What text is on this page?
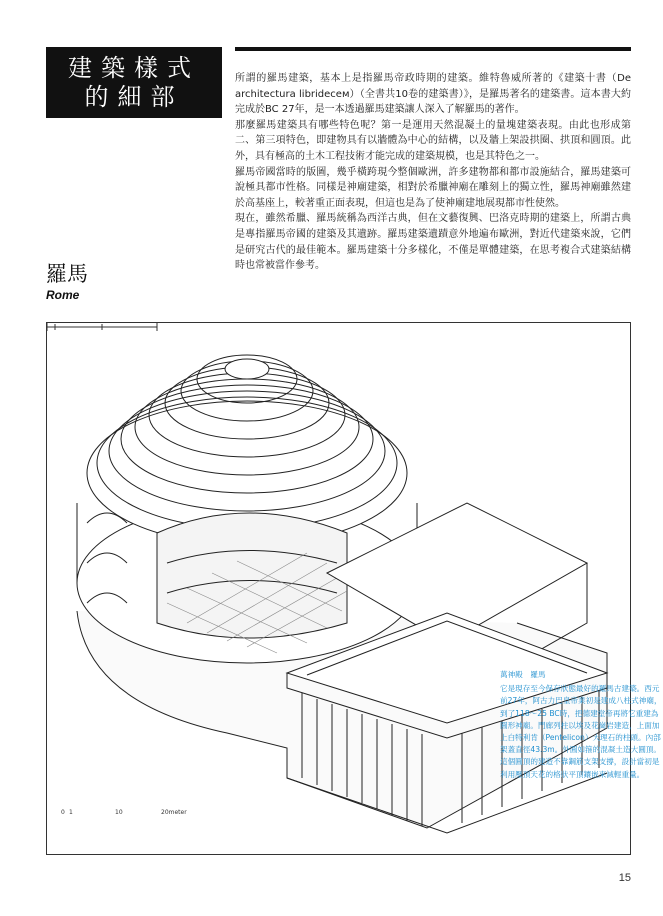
建築樣式
的細部

所謂的羅馬建築，基本上是指羅馬帝政時期的建築。維特魯威所著的《建築十書（De architectura librideceм）（全書共10卷的建築書）》，是羅馬著名的建築書。這本書大約完成於BC 27年，是一本透過羅馬建築讓人深入了解羅馬的著作。

那麼羅馬建築具有哪些特色呢？第一是運用天然混凝土的量塊建築表現。由此也形成第二、第三項特色，即建物具有以牆體為中心的結構，以及牆上架設拱圈、拱頂和圓頂。此外，具有極高的土木工程技術才能完成的建築規模，也是其特色之一。

羅馬帝國當時的版圖，幾乎橫跨現今整個歐洲，許多建物都和都市設施結合，羅馬建築可說極具都市性格。同樣是神廟建築，相對於希臘神廟在雕刻上的獨立性，羅馬神廟雖然建於高基座上，較著重正面表現，但這也是為了使神廟建地展現都市性使然。

現在，雖然希臘、羅馬統稱為西洋古典，但在文藝復興、巴洛克時期的建築上，所謂古典是專指羅馬帝國的建築及其遺跡。羅馬建築遺蹟意外地遍布歐洲，對近代建築來說，它們是研究古代的最佳範本。羅馬建築十分多樣化，不僅是單體建築，在思考複合式建築結構時也常被當作參考。

羅馬
Rome

萬神殿　羅馬

它是現存至今保存狀態最好的羅馬古建築。西元前27年，阿古力巴皇帝業初是建成八柱式神廟，到了118～25 BC時，把德建堂帝再將它重建為圓形神廟。門廊列柱以埃及花崗岩建造，上面加上白特利肯（Pentelicon）大理石的柱頭。內部架蓋直徑43.3m。外圓如箍的混凝土造大圓頂。這個圓頂的建造不靠鋼筋支架支撐，設計當初是利用壓頂天花的格狀平頂鑲嵌來減輕重量。

0 1	10	20meter
15
